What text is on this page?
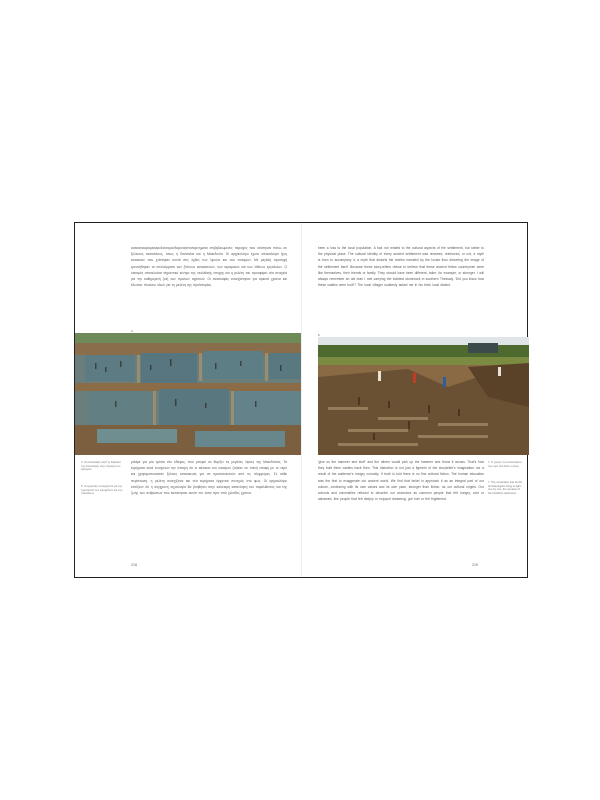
ανακατακεραμεικεροδοντομανδαρινοηστοπορνηματα επιβεβαιωμένες περιοχές που κτίστηκαν πάνω σε ξύλινους πασσάλους, όπως η Θεσσαλία και η Μακεδονία. Οι αρχαιολόγοι έχουν αποκαλύψει ίχνη κατοικιών που χτίστηκαν κοντά στις όχθες των λιμνών και των ποταμών. Με μεγάλη προσοχή ερευνήθηκαν τα υπολείμματα των ξύλινων κατασκευών, των κεραμικών και των λίθινων εργαλείων. Ο οικισμός αποτελούσε σημαντικό κέντρο της νεολιθικής εποχής και η μελέτη του προσφέρει νέα στοιχεία για την καθημερινή ζωή των πρώτων αγροτών. Οι ανασκαφές συνεχίστηκαν για αρκετά χρόνια και έδωσαν πλούσιο υλικό για τη μελέτη της προϊστορίας.
4
4. Οι ανασκαφές κατά τη διάρκεια της ανασκαφής στην περιοχή του οικισμού.
5. Οι εργασίες συνεχίζονται για την προστασία των ευρημάτων και των πασσάλων.
μιλάμε για μία τρύπα στο έδαφος, που μπορεί να θυμίζει τις μεγάλες λίμνες της Μακεδονίας. Τα ευρήματα αυτά ενισχύουν την άποψη ότι οι κάτοικοι του οικισμού ζούσαν σε στενή επαφή με το νερό και χρησιμοποιούσαν ξύλινες κατασκευές για να προστατευτούν από τις πλημμύρες. Σε κάθε περίπτωση, η μελέτη συνεχίζεται και νέα ευρήματα έρχονται συνεχώς στο φως. Οι αρχαιολόγοι ελπίζουν ότι η σύγχρονη τεχνολογία θα βοηθήσει στην καλύτερη κατανόηση του παρελθόντος και της ζωής των ανθρώπων που κατοίκησαν αυτόν τον τόπο πριν από χιλιάδες χρόνια.
218
been a loss to the local population. A fact not related to the cultural aspects of the settlement, but rather to the physical place. The cultural identity of every ancient settlement was renewed, reinforced, or not, a myth is born to accompany it, a myth that distorts the stories narrated by the locals thus distorting the image of the settlement itself. Because these story-tellers refuse to believe that these ancient fellow countrymen were like themselves, their friends or family. They should have been different, taller, for example, or stronger. I will always remember an old man I met carrying the bulkiest stonework in southern Thessaly, 'Did you know how these castles were built'? The local villager suddenly asked me in his thick local dialect.
6
'give us the hammer and stuff' and the others would pick up the hammer and throw it across. That's how they built them castles back then. This distortion is not just a figment of the storyteller's imagination nor a result of the audience's hungry curiosity. If truth is told there is no fine cultural fiction. The human education was the first to exaggerate our ancient world. We find that belief in approach it as an integral part of our culture, continuing with its own values and its own pace, stronger than fiction, as our cultural origins. Our schools and universities refused to describe our ancestors as common people that felt hungry, cold or ashamed, like people that felt deeply or enjoyed dreaming, got hurt or felt frightened.
7. Ο χώρος των ανασκαφών, την ώρα που έδυε ο ήλιος.
7. The excavation site as the archaeologists bring to light, one by one, the remains of the Neolithic settlement.
219
